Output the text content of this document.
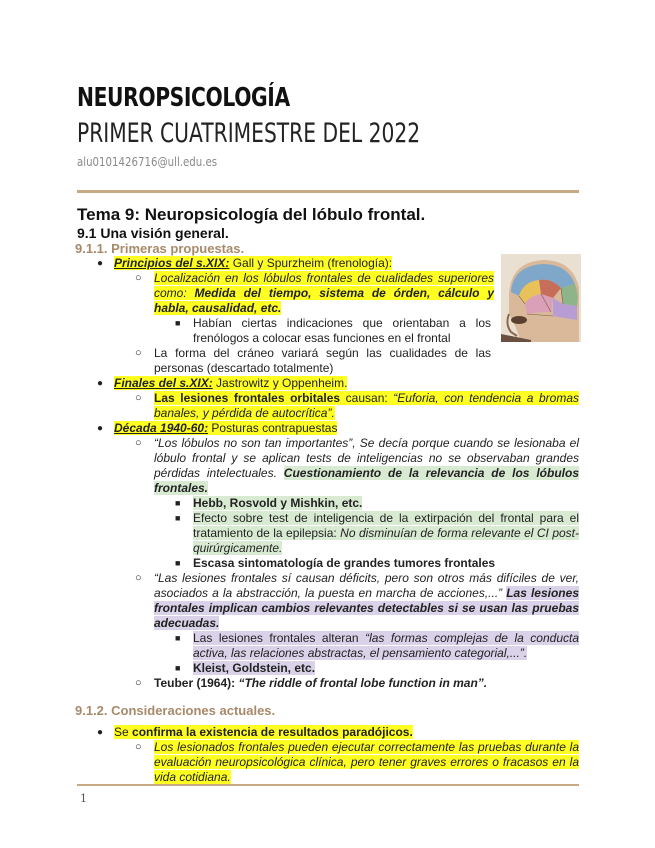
NEUROPSICOLOGÍA
PRIMER CUATRIMESTRE DEL 2022
alu0101426716@ull.edu.es
Tema 9: Neuropsicología del lóbulo frontal.
9.1 Una visión general.
9.1.1. Primeras propuestas.
● Principios del s.XIX: Gall y Spurzheim (frenología):
○ Localización en los lóbulos frontales de cualidades superiores como: Medida del tiempo, sistema de órden, cálculo y habla, causalidad, etc.
■ Habían ciertas indicaciones que orientaban a los frenólogos a colocar esas funciones en el frontal
○ La forma del cráneo variará según las cualidades de las personas (descartado totalmente)
● Finales del s.XIX: Jastrowitz y Oppenheim.
○ Las lesiones frontales orbitales causan: “Euforia, con tendencia a bromas banales, y pérdida de autocrítica”.
● Década 1940-60: Posturas contrapuestas
○ “Los lóbulos no son tan importantes”, Se decía porque cuando se lesionaba el lóbulo frontal y se aplican tests de inteligencias no se observaban grandes pérdidas intelectuales. Cuestionamiento de la relevancia de los lóbulos frontales.
■ Hebb, Rosvold y Mishkin, etc.
■ Efecto sobre test de inteligencia de la extirpación del frontal para el tratamiento de la epilepsia: No disminuían de forma relevante el CI post-quirúrgicamente.
■ Escasa sintomatología de grandes tumores frontales
○ “Las lesiones frontales sí causan déficits, pero son otros más difíciles de ver, asociados a la abstracción, la puesta en marcha de acciones,...” Las lesiones frontales implican cambios relevantes detectables si se usan las pruebas adecuadas.
■ Las lesiones frontales alteran “las formas complejas de la conducta activa, las relaciones abstractas, el pensamiento categorial,...”.
■ Kleist, Goldstein, etc.
○ Teuber (1964): “The riddle of frontal lobe function in man”.
9.1.2. Consideraciones actuales.
● Se confirma la existencia de resultados paradójicos.
○ Los lesionados frontales pueden ejecutar correctamente las pruebas durante la evaluación neuropsicológica clínica, pero tener graves errores o fracasos en la vida cotidiana.
1
